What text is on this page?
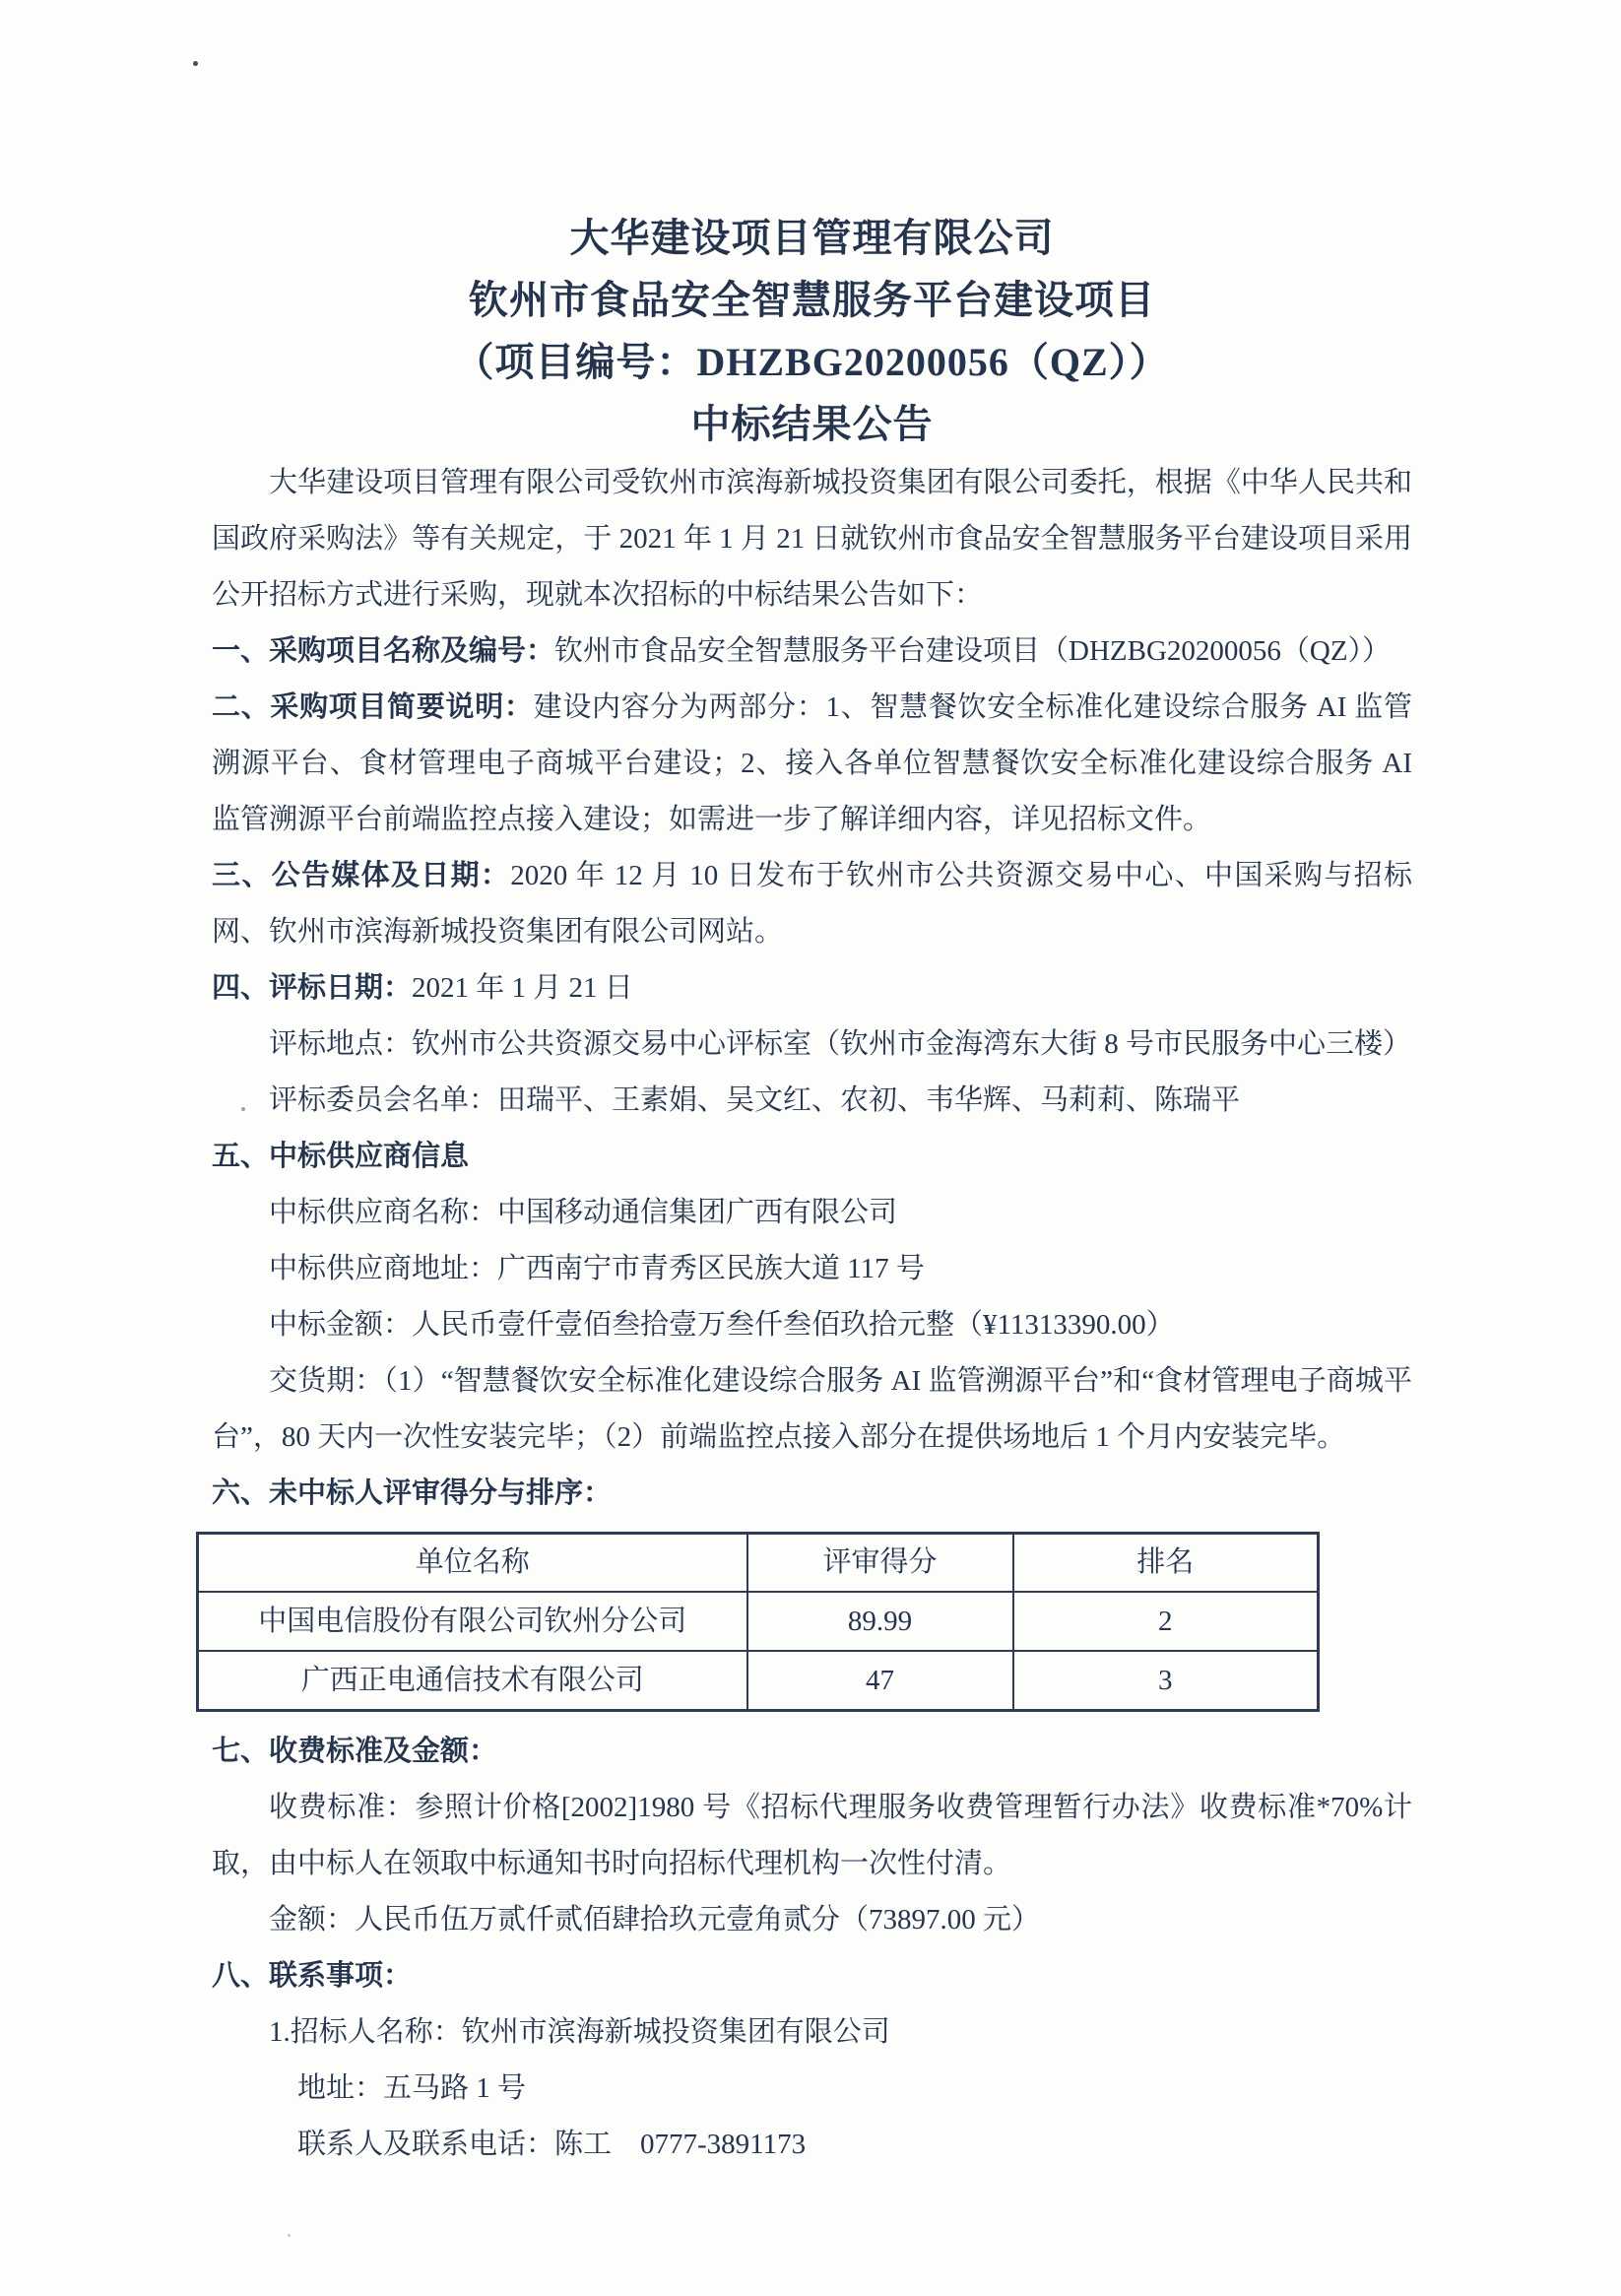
大华建设项目管理有限公司
钦州市食品安全智慧服务平台建设项目
（项目编号：DHZBG20200056（QZ））
中标结果公告

大华建设项目管理有限公司受钦州市滨海新城投资集团有限公司委托，根据《中华人民共和国政府采购法》等有关规定，于 2021 年 1 月 21 日就钦州市食品安全智慧服务平台建设项目采用公开招标方式进行采购，现就本次招标的中标结果公告如下：

一、采购项目名称及编号：钦州市食品安全智慧服务平台建设项目（DHZBG20200056（QZ））

二、采购项目简要说明：建设内容分为两部分：1、智慧餐饮安全标准化建设综合服务 AI 监管溯源平台、食材管理电子商城平台建设；2、接入各单位智慧餐饮安全标准化建设综合服务 AI 监管溯源平台前端监控点接入建设；如需进一步了解详细内容，详见招标文件。

三、公告媒体及日期：2020 年 12 月 10 日发布于钦州市公共资源交易中心、中国采购与招标网、钦州市滨海新城投资集团有限公司网站。

四、评标日期：2021 年 1 月 21 日

评标地点：钦州市公共资源交易中心评标室（钦州市金海湾东大街 8 号市民服务中心三楼）

评标委员会名单：田瑞平、王素娟、吴文红、农初、韦华辉、马莉莉、陈瑞平

五、中标供应商信息

中标供应商名称：中国移动通信集团广西有限公司

中标供应商地址：广西南宁市青秀区民族大道 117 号

中标金额：人民币壹仟壹佰叁拾壹万叁仟叁佰玖拾元整（¥11313390.00）

交货期：（1）“智慧餐饮安全标准化建设综合服务 AI 监管溯源平台”和“食材管理电子商城平台”，80 天内一次性安装完毕；（2）前端监控点接入部分在提供场地后 1 个月内安装完毕。

六、未中标人评审得分与排序：

单位名称	评审得分	排名
中国电信股份有限公司钦州分公司	89.99	2
广西正电通信技术有限公司	47	3

七、收费标准及金额：

收费标准：参照计价格[2002]1980 号《招标代理服务收费管理暂行办法》收费标准*70%计取，由中标人在领取中标通知书时向招标代理机构一次性付清。

金额：人民币伍万贰仟贰佰肆拾玖元壹角贰分（73897.00 元）

八、联系事项：

1.招标人名称：钦州市滨海新城投资集团有限公司

地址：五马路 1 号

联系人及联系电话：陈工　0777-3891173
